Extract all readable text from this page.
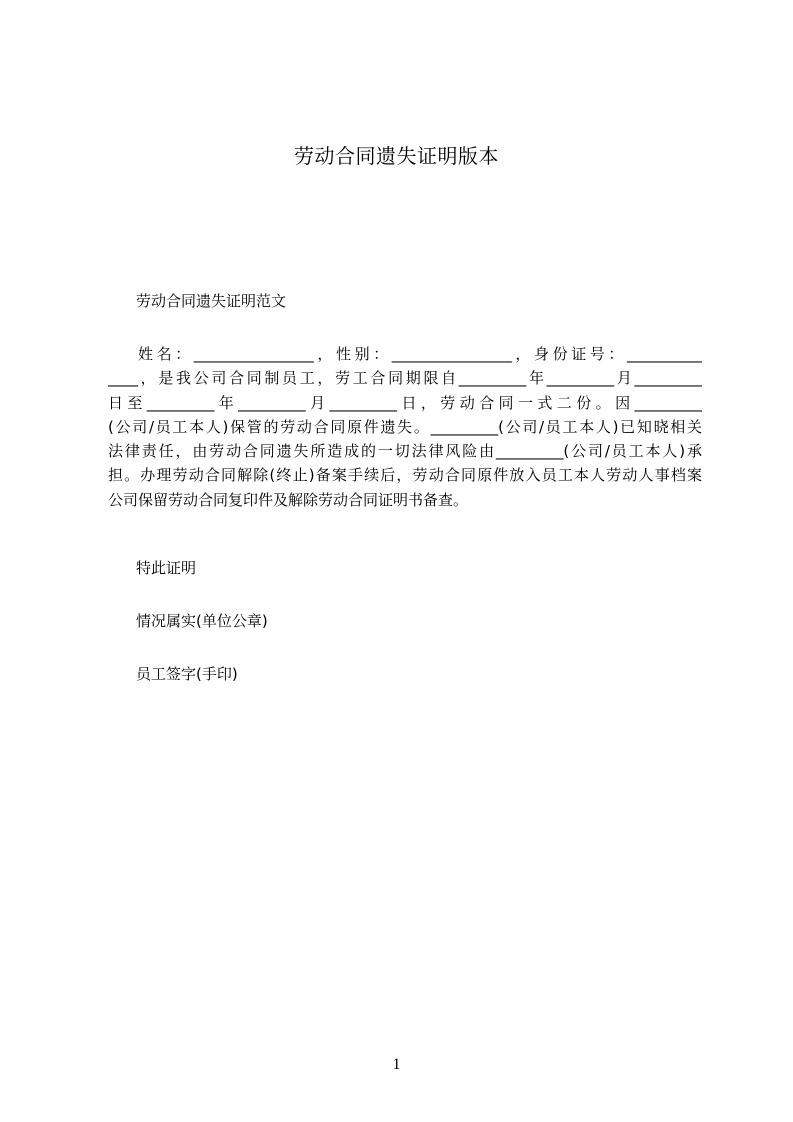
劳动合同遗失证明版本
劳动合同遗失证明范文
姓名：________________，性别：________________，身份证号：__________
____，是我公司合同制员工，劳工合同期限自_________年_________月_________
日至_________年_________月_________日，劳动合同一式二份。因_________
(公司/员工本人)保管的劳动合同原件遗失。_________(公司/员工本人)已知晓相关
法律责任，由劳动合同遗失所造成的一切法律风险由_________(公司/员工本人)承
担。办理劳动合同解除(终止)备案手续后，劳动合同原件放入员工本人劳动人事档案
公司保留劳动合同复印件及解除劳动合同证明书备查。
特此证明
情况属实(单位公章)
员工签字(手印)
1
